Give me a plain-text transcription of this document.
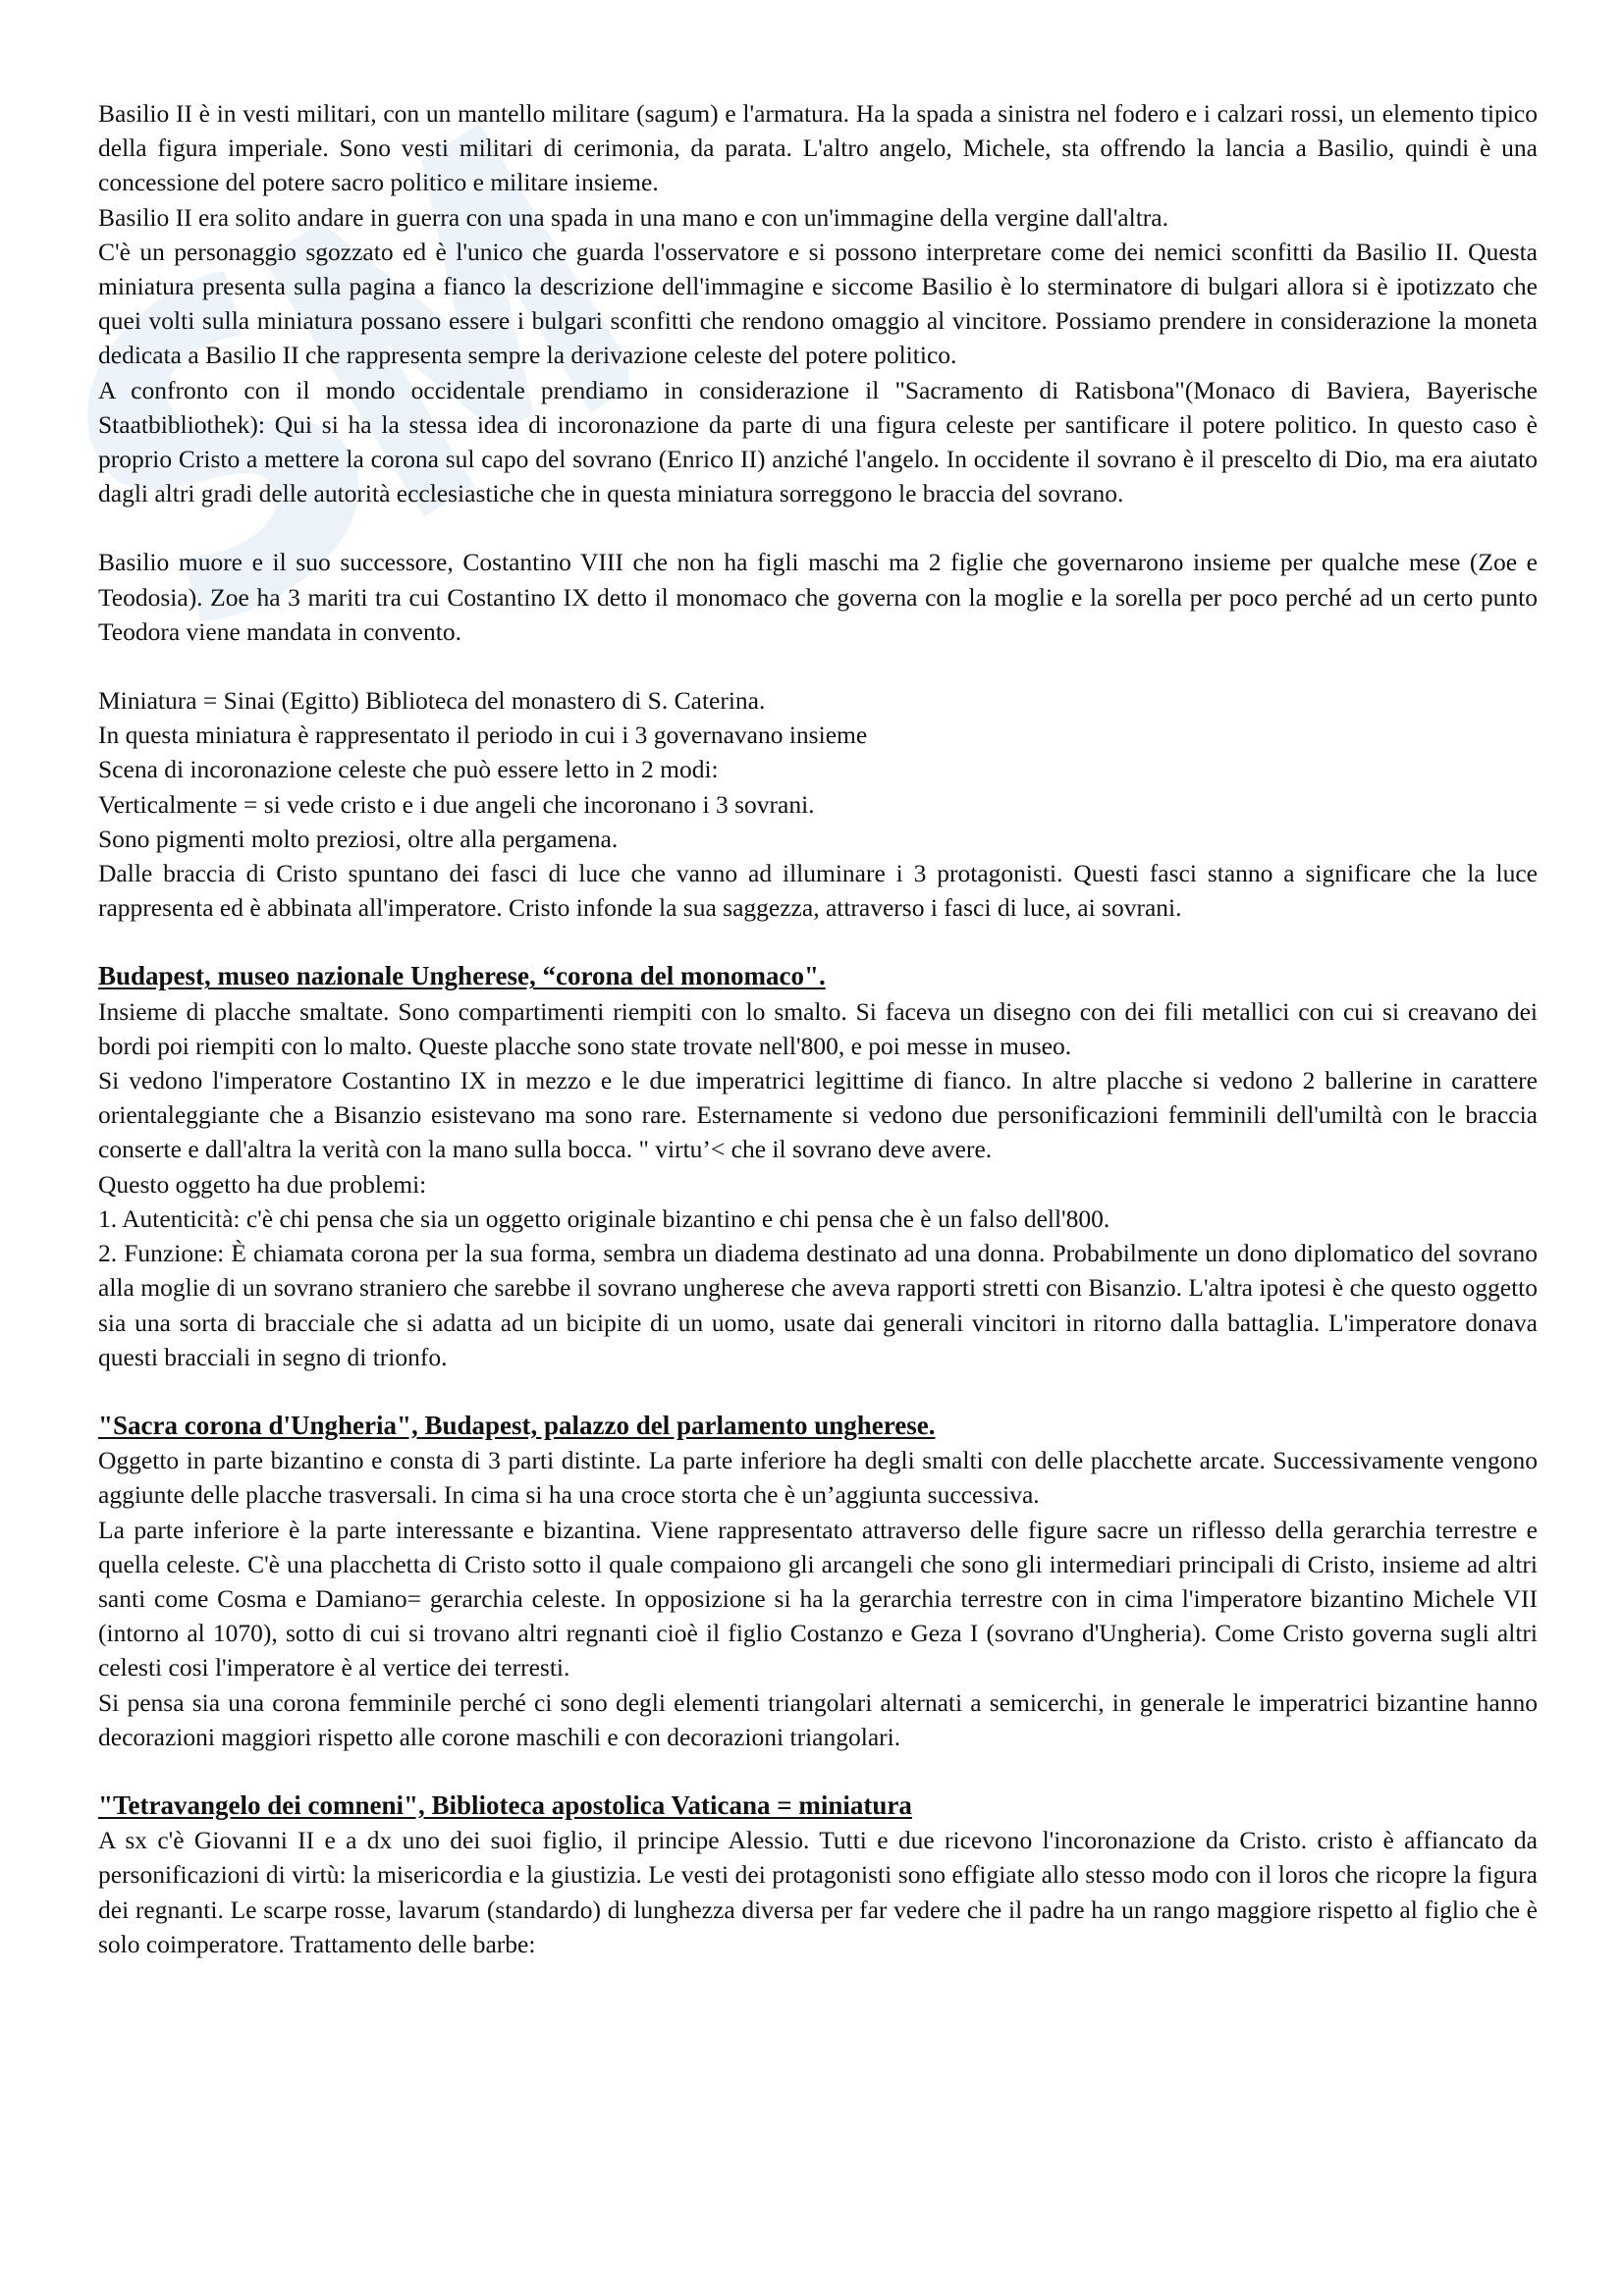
Basilio II è in vesti militari, con un mantello militare (sagum) e l'armatura. Ha la spada a sinistra nel fodero e i calzari rossi, un elemento tipico della figura imperiale. Sono vesti militari di cerimonia, da parata. L'altro angelo, Michele, sta offrendo la lancia a Basilio, quindi è una concessione del potere sacro politico e militare insieme.

Basilio II era solito andare in guerra con una spada in una mano e con un'immagine della vergine dall'altra.

C'è un personaggio sgozzato ed è l'unico che guarda l'osservatore e si possono interpretare come dei nemici sconfitti da Basilio II. Questa miniatura presenta sulla pagina a fianco la descrizione dell'immagine e siccome Basilio è lo sterminatore di bulgari allora si è ipotizzato che quei volti sulla miniatura possano essere i bulgari sconfitti che rendono omaggio al vincitore. Possiamo prendere in considerazione la moneta dedicata a Basilio II che rappresenta sempre la derivazione celeste del potere politico.

A confronto con il mondo occidentale prendiamo in considerazione il "Sacramento di Ratisbona"(Monaco di Baviera, Bayerische Staatbibliothek): Qui si ha la stessa idea di incoronazione da parte di una figura celeste per santificare il potere politico. In questo caso è proprio Cristo a mettere la corona sul capo del sovrano (Enrico II) anziché l'angelo. In occidente il sovrano è il prescelto di Dio, ma era aiutato dagli altri gradi delle autorità ecclesiastiche che in questa miniatura sorreggono le braccia del sovrano.

Basilio muore e il suo successore, Costantino VIII che non ha figli maschi ma 2 figlie che governarono insieme per qualche mese (Zoe e Teodosia). Zoe ha 3 mariti tra cui Costantino IX detto il monomaco che governa con la moglie e la sorella per poco perché ad un certo punto Teodora viene mandata in convento.

Miniatura = Sinai (Egitto) Biblioteca del monastero di S. Caterina.

In questa miniatura è rappresentato il periodo in cui i 3 governavano insieme

Scena di incoronazione celeste che può essere letto in 2 modi:

Verticalmente = si vede cristo e i due angeli che incoronano i 3 sovrani.

Sono pigmenti molto preziosi, oltre alla pergamena.

Dalle braccia di Cristo spuntano dei fasci di luce che vanno ad illuminare i 3 protagonisti. Questi fasci stanno a significare che la luce rappresenta ed è abbinata all'imperatore. Cristo infonde la sua saggezza, attraverso i fasci di luce, ai sovrani.

Budapest, museo nazionale Ungherese, “corona del monomaco".

Insieme di placche smaltate. Sono compartimenti riempiti con lo smalto. Si faceva un disegno con dei fili metallici con cui si creavano dei bordi poi riempiti con lo malto. Queste placche sono state trovate nell'800, e poi messe in museo.

Si vedono l'imperatore Costantino IX in mezzo e le due imperatrici legittime di fianco. In altre placche si vedono 2 ballerine in carattere orientaleggiante che a Bisanzio esistevano ma sono rare. Esternamente si vedono due personificazioni femminili dell'umiltà con le braccia conserte e dall'altra la verità con la mano sulla bocca. " virtu’< che il sovrano deve avere.

Questo oggetto ha due problemi:

1. Autenticità: c'è chi pensa che sia un oggetto originale bizantino e chi pensa che è un falso dell'800.

2. Funzione: È chiamata corona per la sua forma, sembra un diadema destinato ad una donna. Probabilmente un dono diplomatico del sovrano alla moglie di un sovrano straniero che sarebbe il sovrano ungherese che aveva rapporti stretti con Bisanzio. L'altra ipotesi è che questo oggetto sia una sorta di bracciale che si adatta ad un bicipite di un uomo, usate dai generali vincitori in ritorno dalla battaglia. L'imperatore donava questi bracciali in segno di trionfo.

"Sacra corona d'Ungheria", Budapest, palazzo del parlamento ungherese.

Oggetto in parte bizantino e consta di 3 parti distinte. La parte inferiore ha degli smalti con delle placchette arcate. Successivamente vengono aggiunte delle placche trasversali. In cima si ha una croce storta che è un’aggiunta successiva.

La parte inferiore è la parte interessante e bizantina. Viene rappresentato attraverso delle figure sacre un riflesso della gerarchia terrestre e quella celeste. C'è una placchetta di Cristo sotto il quale compaiono gli arcangeli che sono gli intermediari principali di Cristo, insieme ad altri santi come Cosma e Damiano= gerarchia celeste. In opposizione si ha la gerarchia terrestre con in cima l'imperatore bizantino Michele VII (intorno al 1070), sotto di cui si trovano altri regnanti cioè il figlio Costanzo e Geza I (sovrano d'Ungheria). Come Cristo governa sugli altri celesti cosi l'imperatore è al vertice dei terresti.

Si pensa sia una corona femminile perché ci sono degli elementi triangolari alternati a semicerchi, in generale le imperatrici bizantine hanno decorazioni maggiori rispetto alle corone maschili e con decorazioni triangolari.

"Tetravangelo dei comneni", Biblioteca apostolica Vaticana = miniatura

A sx c'è Giovanni II e a dx uno dei suoi figlio, il principe Alessio. Tutti e due ricevono l'incoronazione da Cristo. cristo è affiancato da personificazioni di virtù: la misericordia e la giustizia. Le vesti dei protagonisti sono effigiate allo stesso modo con il loros che ricopre la figura dei regnanti. Le scarpe rosse, lavarum (standardo) di lunghezza diversa per far vedere che il padre ha un rango maggiore rispetto al figlio che è solo coimperatore. Trattamento delle barbe:
